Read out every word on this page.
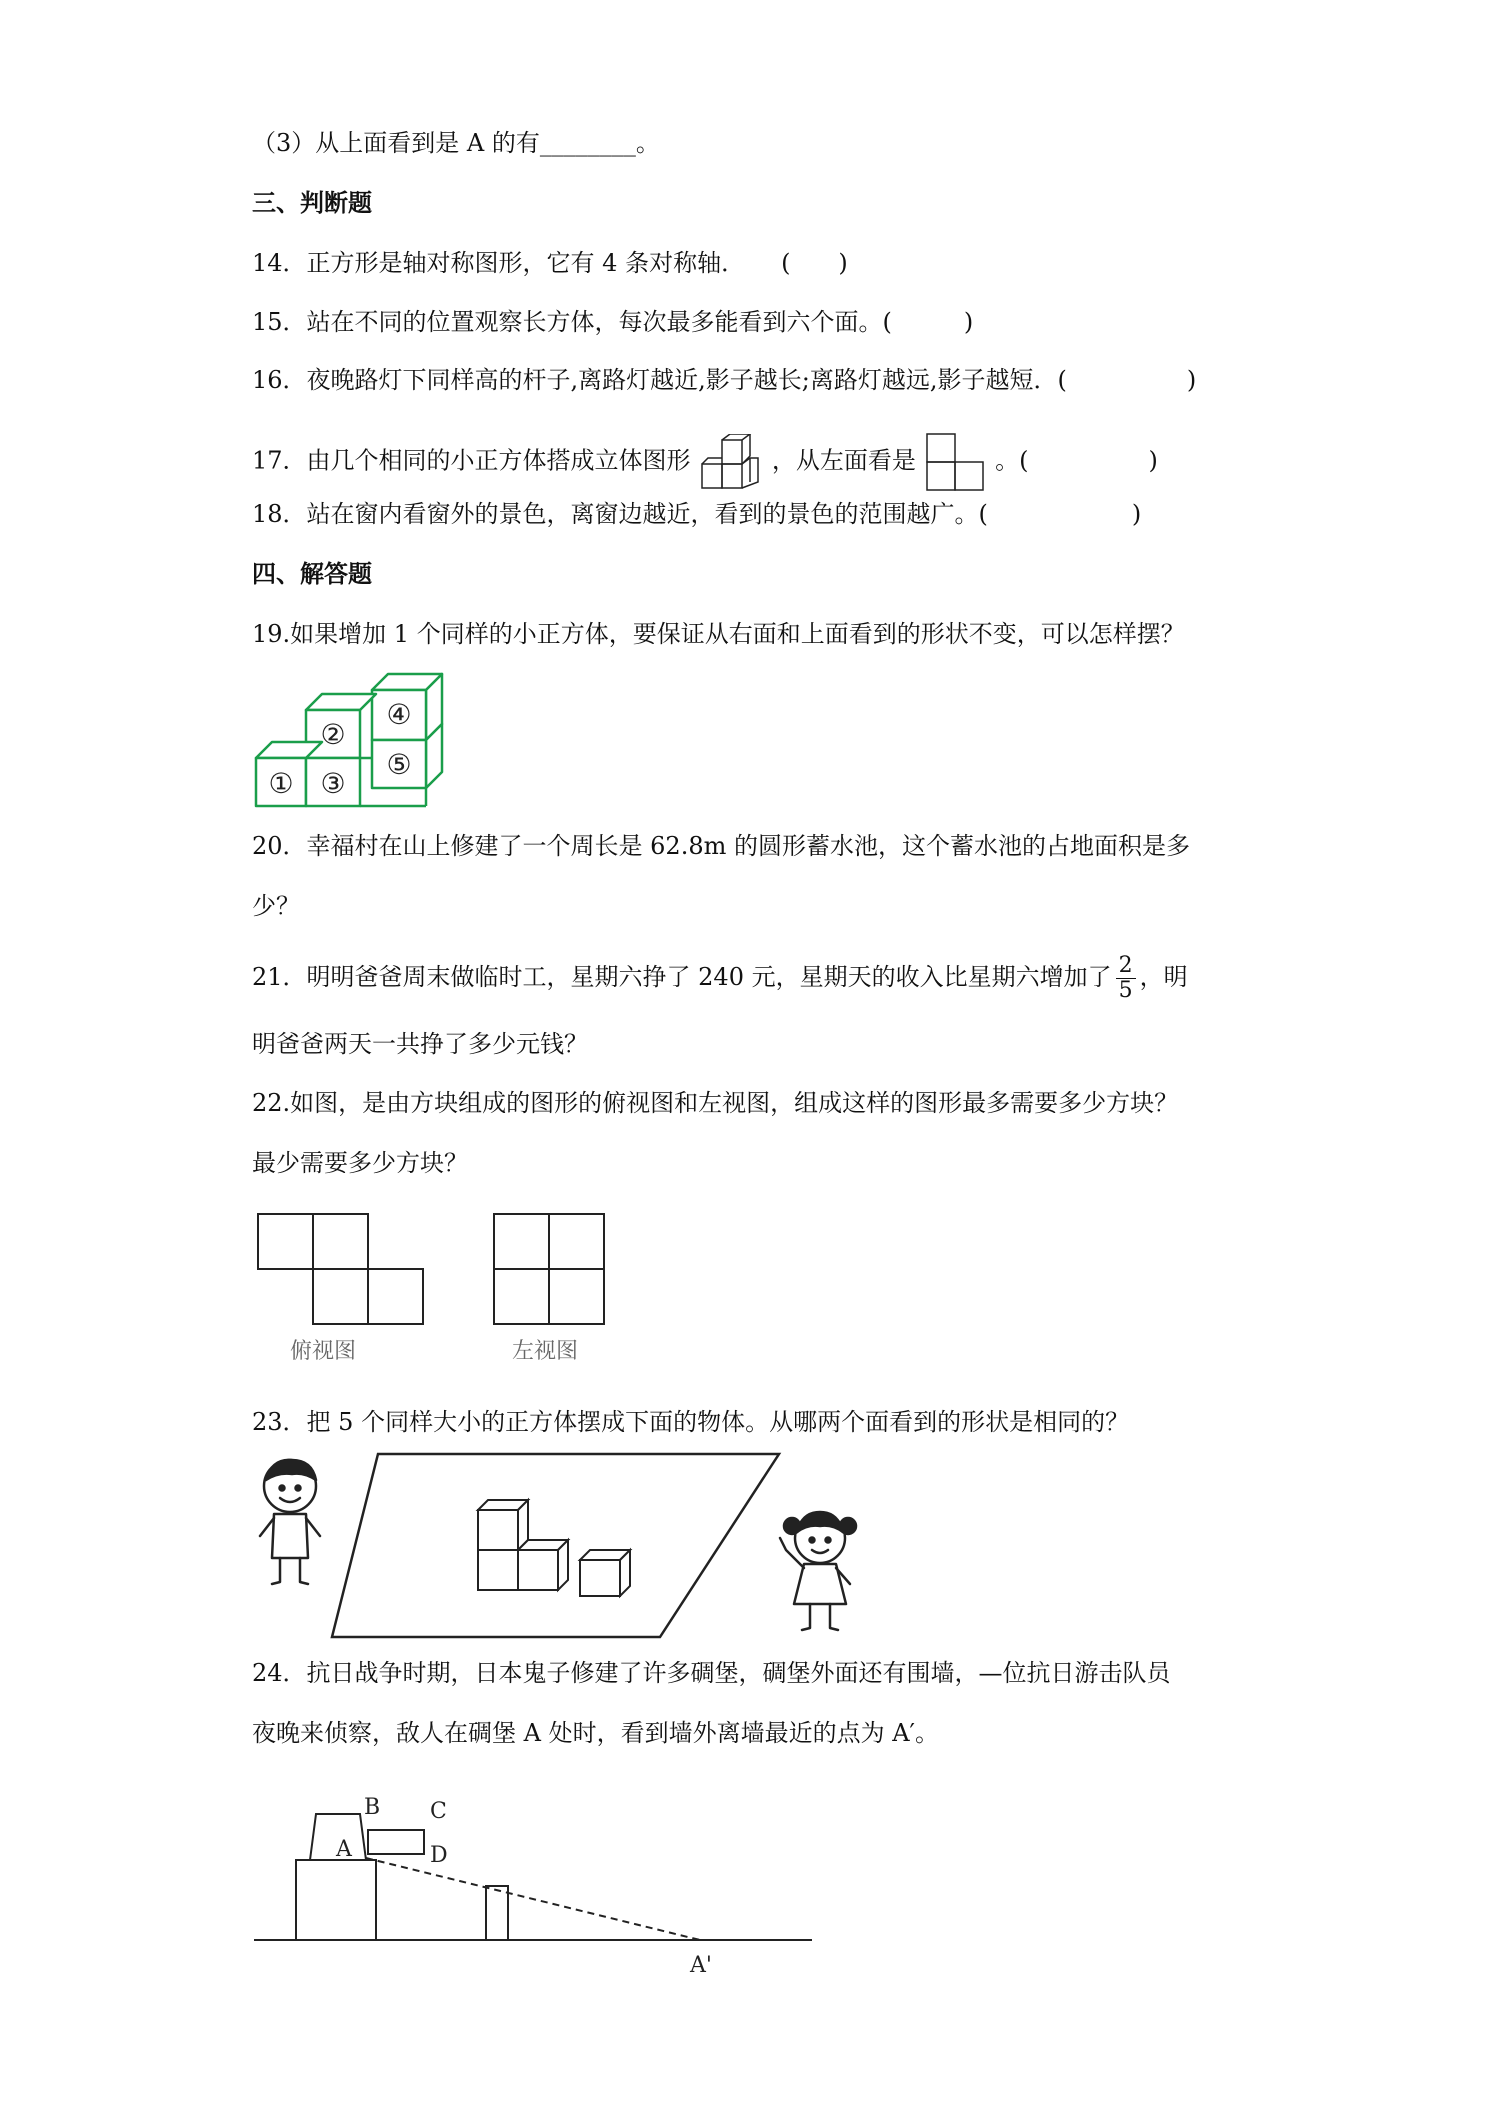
（3）从上面看到是 A 的有________。
三、判断题
14．正方形是轴对称图形，它有 4 条对称轴．　　(　　)
15．站在不同的位置观察长方体，每次最多能看到六个面。(　　　)
16．夜晚路灯下同样高的杆子,离路灯越近,影子越长;离路灯越远,影子越短．(　　　　　)
17．由几个相同的小正方体搭成立体图形	，从左面看是	。(　　　　　)
18．站在窗内看窗外的景色，离窗边越近，看到的景色的范围越广。(　　　　　　)
四、解答题
19.如果增加 1 个同样的小正方体，要保证从右面和上面看到的形状不变，可以怎样摆？
①
②
③
④
⑤
20．幸福村在山上修建了一个周长是 62.8m 的圆形蓄水池，这个蓄水池的占地面积是多
少？
21．明明爸爸周末做临时工，星期六挣了 240 元，星期天的收入比星期六增加了 $\frac{2}{5}$ ，明
明爸爸两天一共挣了多少元钱？
22.如图，是由方块组成的图形的俯视图和左视图，组成这样的图形最多需要多少方块？
最少需要多少方块？
俯视图	左视图
23．把 5 个同样大小的正方体摆成下面的物体。从哪两个面看到的形状是相同的？
24．抗日战争时期，日本鬼子修建了许多碉堡，碉堡外面还有围墙，—位抗日游击队员
夜晚来侦察，敌人在碉堡 A 处时，看到墙外离墙最近的点为 A′。
B C
A	D
A'
